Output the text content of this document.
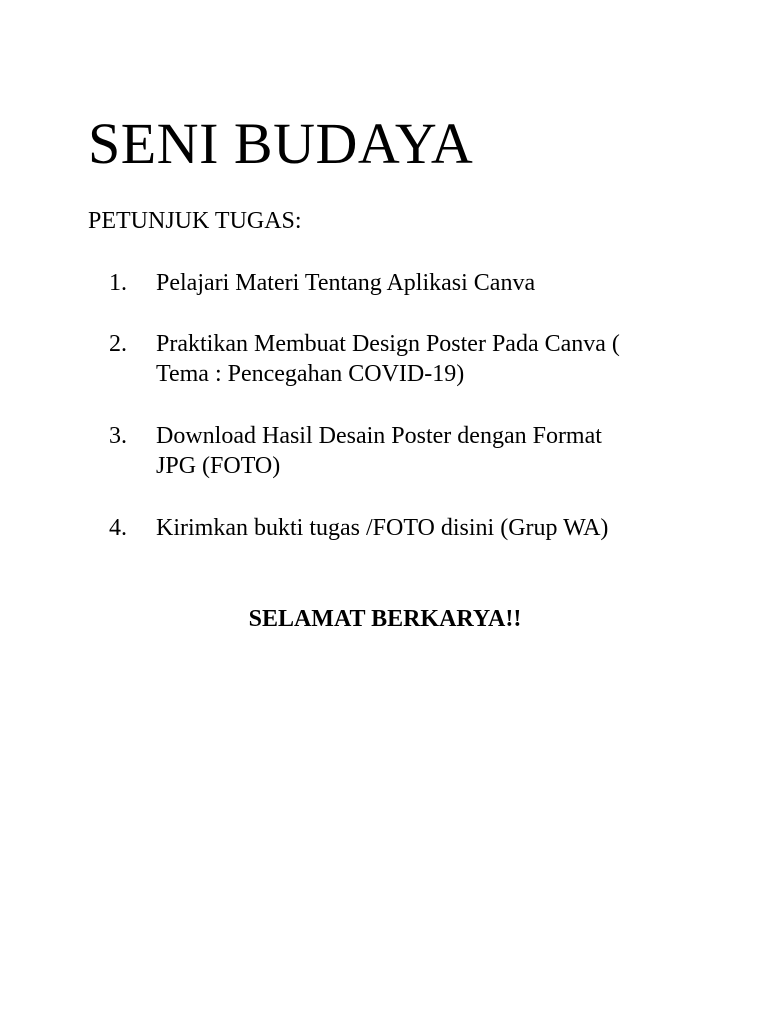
SENI BUDAYA

PETUNJUK TUGAS:

1. Pelajari Materi Tentang Aplikasi Canva
2. Praktikan Membuat Design Poster Pada Canva ( Tema : Pencegahan COVID-19)
3. Download Hasil Desain Poster dengan Format JPG (FOTO)
4. Kirimkan bukti tugas /FOTO disini (Grup WA)

SELAMAT BERKARYA!!
